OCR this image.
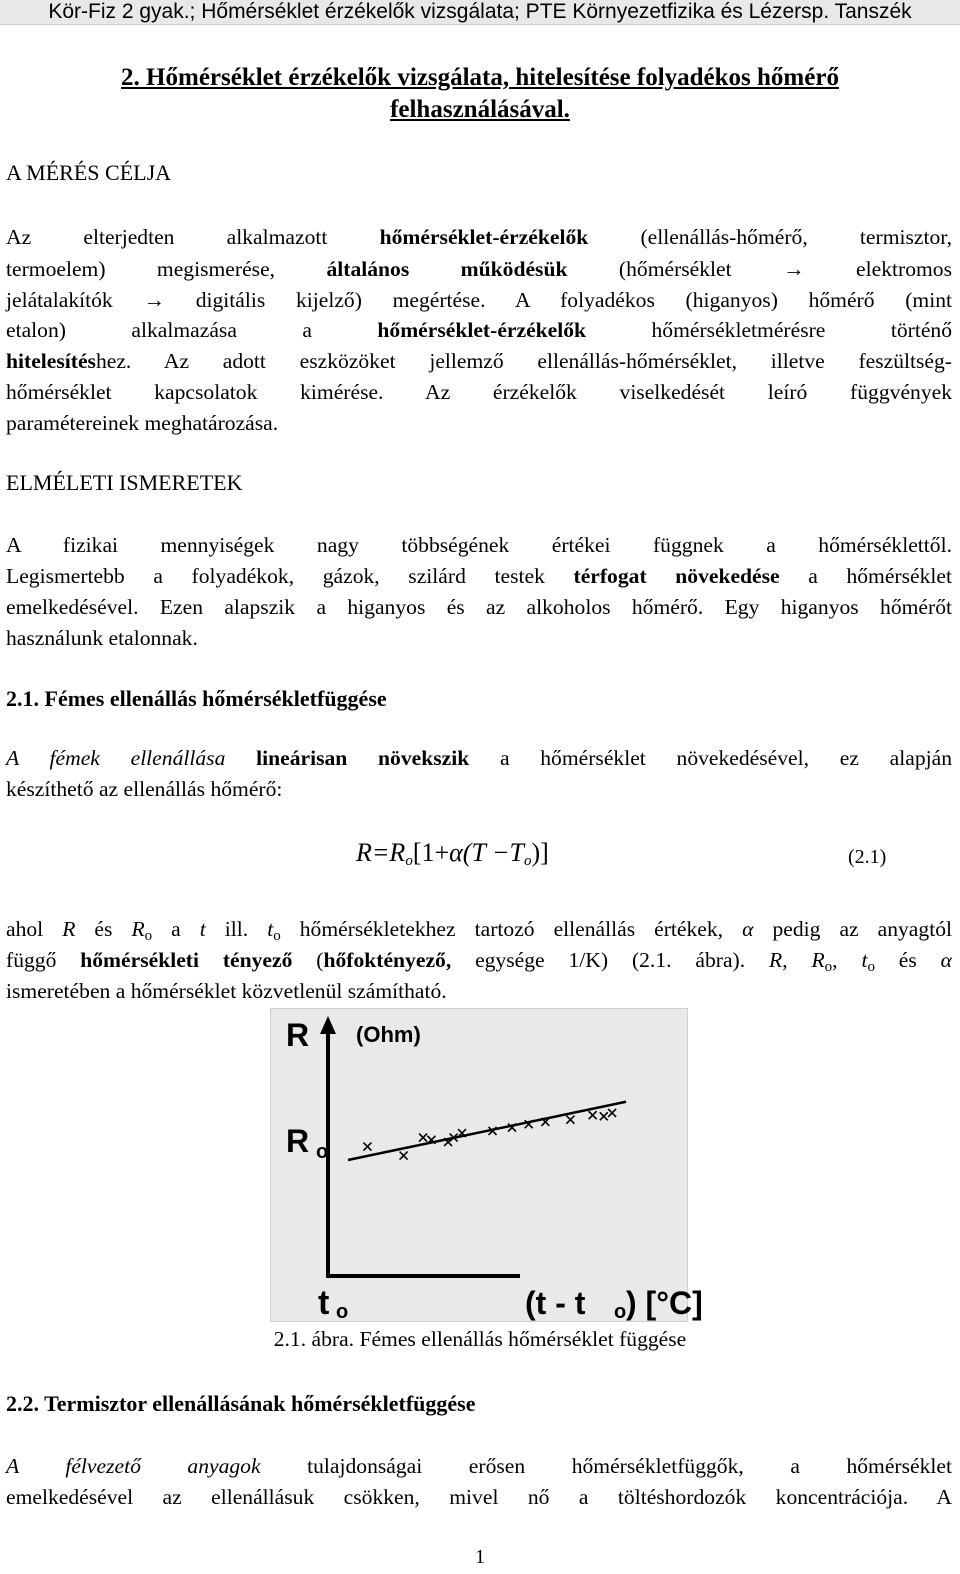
Kör-Fiz 2 gyak.; Hőmérséklet érzékelők vizsgálata; PTE Környezetfizika és Lézersp. Tanszék
2. Hőmérséklet érzékelők vizsgálata, hitelesítése folyadékos hőmérő
felhasználásával.
A MÉRÉS CÉLJA
Az elterjedten alkalmazott hőmérséklet-érzékelők (ellenállás-hőmérő, termisztor,
termoelem) megismerése, általános működésük (hőmérséklet → elektromos
jelátalakítók → digitális kijelző) megértése. A folyadékos (higanyos) hőmérő (mint
etalon) alkalmazása a hőmérséklet-érzékelők hőmérsékletmérésre történő
hitelesítéshez. Az adott eszközöket jellemző ellenállás-hőmérséklet, illetve feszültség-
hőmérséklet kapcsolatok kimérése. Az érzékelők viselkedését leíró függvények
paramétereinek meghatározása.
ELMÉLETI ISMERETEK
A fizikai mennyiségek nagy többségének értékei függnek a hőmérséklettől.
Legismertebb a folyadékok, gázok, szilárd testek térfogat növekedése a hőmérséklet
emelkedésével. Ezen alapszik a higanyos és az alkoholos hőmérő. Egy higanyos hőmérőt
használunk etalonnak.
2.1. Fémes ellenállás hőmérsékletfüggése
A fémek ellenállása lineárisan növekszik a hőmérséklet növekedésével, ez alapján
készíthető az ellenállás hőmérő:
$R=R_o[1+\alpha(T -T_o)]$	(2.1)
ahol R és $R_o$ a t ill. $t_o$ hőmérsékletekhez tartozó ellenállás értékek, α pedig az anyagtól
függő hőmérsékleti tényező (hőfoktényező, egysége 1/K) (2.1. ábra). R, $R_o$, $t_o$ és α
ismeretében a hőmérséklet közvetlenül számítható.
R (Ohm)
R o
t o	(t - t o ) [°C]
2.1. ábra. Fémes ellenállás hőmérséklet függése
2.2. Termisztor ellenállásának hőmérsékletfüggése
A félvezető anyagok tulajdonságai erősen hőmérsékletfüggők, a hőmérséklet
emelkedésével az ellenállásuk csökken, mivel nő a töltéshordozók koncentrációja. A
1
